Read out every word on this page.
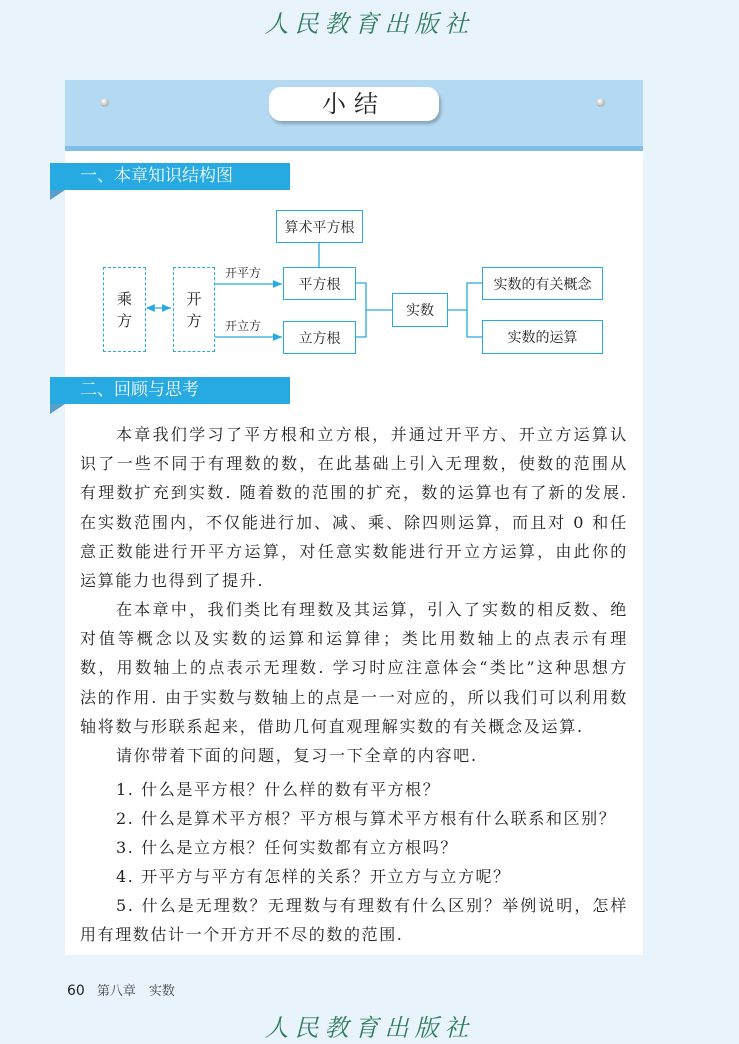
人民教育出版社
小结
一、本章知识结构图
算术平方根
乘
方
开
方
开平方
开立方
平方根
立方根
实数
实数的有关概念
实数的运算
二、回顾与思考
本章我们学习了平方根和立方根，并通过开平方、开立方运算认识了一些不同于有理数的数，在此基础上引入无理数，使数的范围从有理数扩充到实数. 随着数的范围的扩充，数的运算也有了新的发展. 在实数范围内，不仅能进行加、减、乘、除四则运算，而且对 0 和任意正数能进行开平方运算，对任意实数能进行开立方运算，由此你的运算能力也得到了提升.
在本章中，我们类比有理数及其运算，引入了实数的相反数、绝对值等概念以及实数的运算和运算律；类比用数轴上的点表示有理数，用数轴上的点表示无理数. 学习时应注意体会“类比”这种思想方法的作用. 由于实数与数轴上的点是一一对应的，所以我们可以利用数轴将数与形联系起来，借助几何直观理解实数的有关概念及运算.
请你带着下面的问题，复习一下全章的内容吧.
1. 什么是平方根？什么样的数有平方根？
2. 什么是算术平方根？平方根与算术平方根有什么联系和区别？
3. 什么是立方根？任何实数都有立方根吗？
4. 开平方与平方有怎样的关系？开立方与立方呢？
5. 什么是无理数？无理数与有理数有什么区别？举例说明，怎样用有理数估计一个开方开不尽的数的范围.
60 第八章　实数
人民教育出版社
